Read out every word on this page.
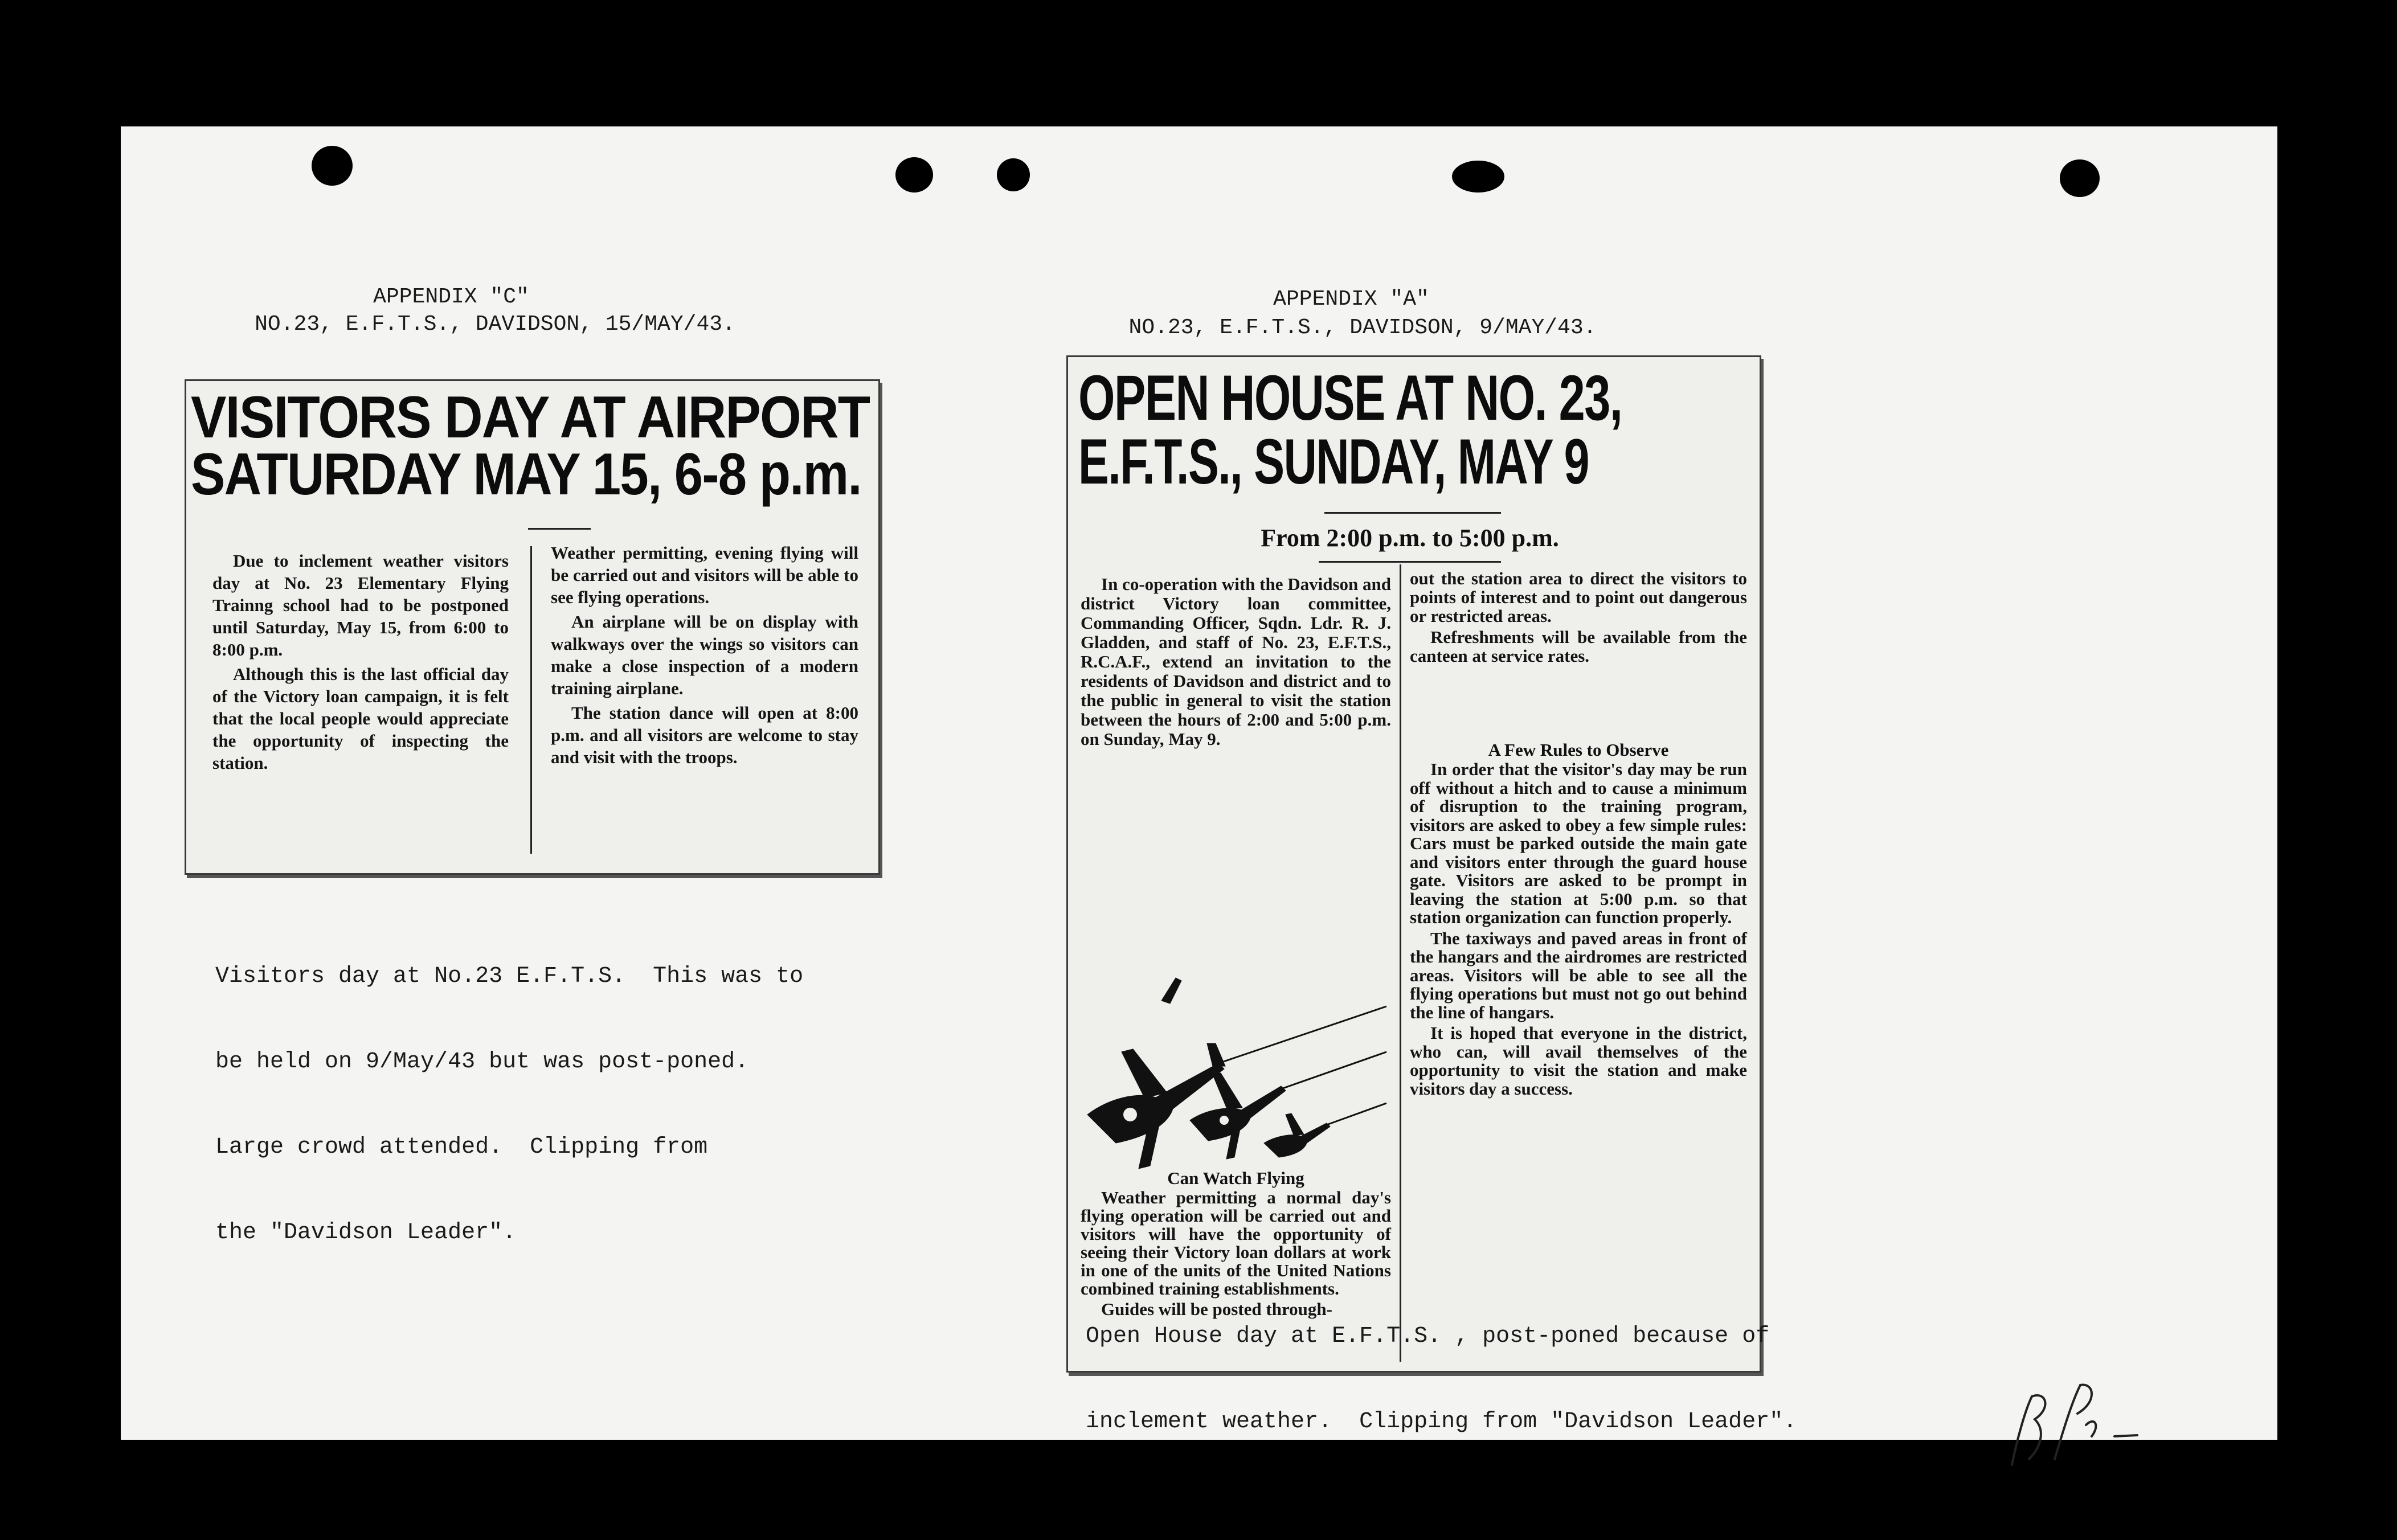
APPENDIX "C"
NO.23, E.F.T.S., DAVIDSON, 15/MAY/43.
VISITORS DAY AT AIRPORT
SATURDAY MAY 15, 6-8 p.m.

Due to inclement weather visitors day at No. 23 Elementary Flying Trainng school had to be postponed until Saturday, May 15, from 6:00 to 8:00 p.m.

Although this is the last official day of the Victory loan campaign, it is felt that the local people would appreciate the opportunity of inspecting the station.

Weather permitting, evening flying will be carried out and visitors will be able to see flying operations.

An airplane will be on display with walkways over the wings so visitors can make a close inspection of a modern training airplane.

The station dance will open at 8:00 p.m. and all visitors are welcome to stay and visit with the troops.

Visitors day at No.23 E.F.T.S.  This was to

be held on 9/May/43 but was post-poned.

Large crowd attended.  Clipping from

the "Davidson Leader".

APPENDIX "A"
NO.23, E.F.T.S., DAVIDSON, 9/MAY/43.
OPEN HOUSE AT NO. 23,
E.F.T.S., SUNDAY, MAY 9
From 2:00 p.m. to 5:00 p.m.

In co-operation with the Davidson and district Victory loan committee, Commanding Officer, Sqdn. Ldr. R. J. Gladden, and staff of No. 23, E.F.T.S., R.C.A.F., extend an invitation to the residents of Davidson and district and to the public in general to visit the station between the hours of 2:00 and 5:00 p.m. on Sunday, May 9.

Can Watch Flying

Weather permitting a normal day's flying operation will be carried out and visitors will have the opportunity of seeing their Victory loan dollars at work in one of the units of the United Nations combined training establishments.

Guides will be posted through-

out the station area to direct the visitors to points of interest and to point out dangerous or restricted areas.

Refreshments will be available from the canteen at service rates.

A Few Rules to Observe

In order that the visitor's day may be run off without a hitch and to cause a minimum of disruption to the training program, visitors are asked to obey a few simple rules: Cars must be parked outside the main gate and visitors enter through the guard house gate. Visitors are asked to be prompt in leaving the station at 5:00 p.m. so that station organization can function properly.

The taxiways and paved areas in front of the hangars and the airdromes are restricted areas. Visitors will be able to see all the flying operations but must not go out behind the line of hangars.

It is hoped that everyone in the district, who can, will avail themselves of the opportunity to visit the station and make visitors day a success.

Open House day at E.F.T.S. , post-poned because of

inclement weather.  Clipping from "Davidson Leader".
